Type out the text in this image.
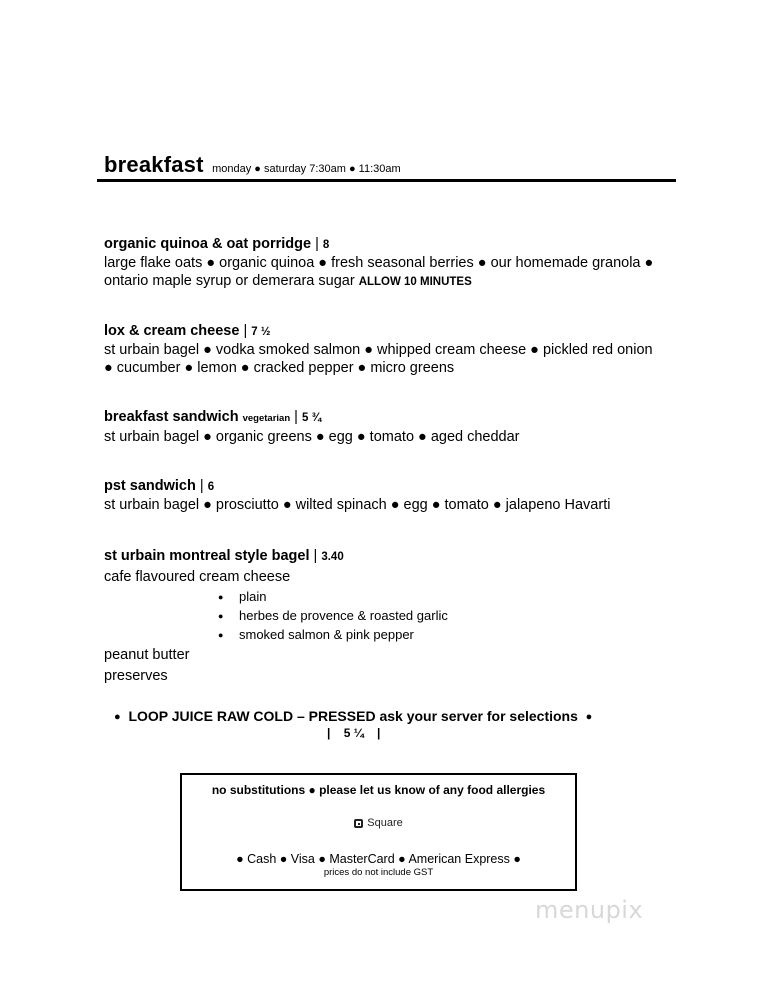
breakfast monday ● saturday 7:30am ● 11:30am
organic quinoa & oat porridge | 8
large flake oats ● organic quinoa ● fresh seasonal berries ● our homemade granola ● ontario maple syrup or demerara sugar ALLOW 10 MINUTES
lox & cream cheese | 7 ½
st urbain bagel ● vodka smoked salmon ● whipped cream cheese ● pickled red onion ● cucumber ● lemon ● cracked pepper ● micro greens
breakfast sandwich vegetarian | 5 ¾
st urbain bagel ● organic greens ● egg ● tomato ● aged cheddar
pst sandwich | 6
st urbain bagel ● prosciutto ● wilted spinach ● egg ● tomato ● jalapeno Havarti
st urbain montreal style bagel | 3.40
cafe flavoured cream cheese
● plain
● herbes de provence & roasted garlic
● smoked salmon & pink pepper
peanut butter
preserves
● LOOP JUICE RAW COLD – PRESSED ask your server for selections ●
|    5 ¼    |
no substitutions ● please let us know of any food allergies
Square
● Cash ● Visa ● MasterCard ● American Express ●
prices do not include GST
menupix
